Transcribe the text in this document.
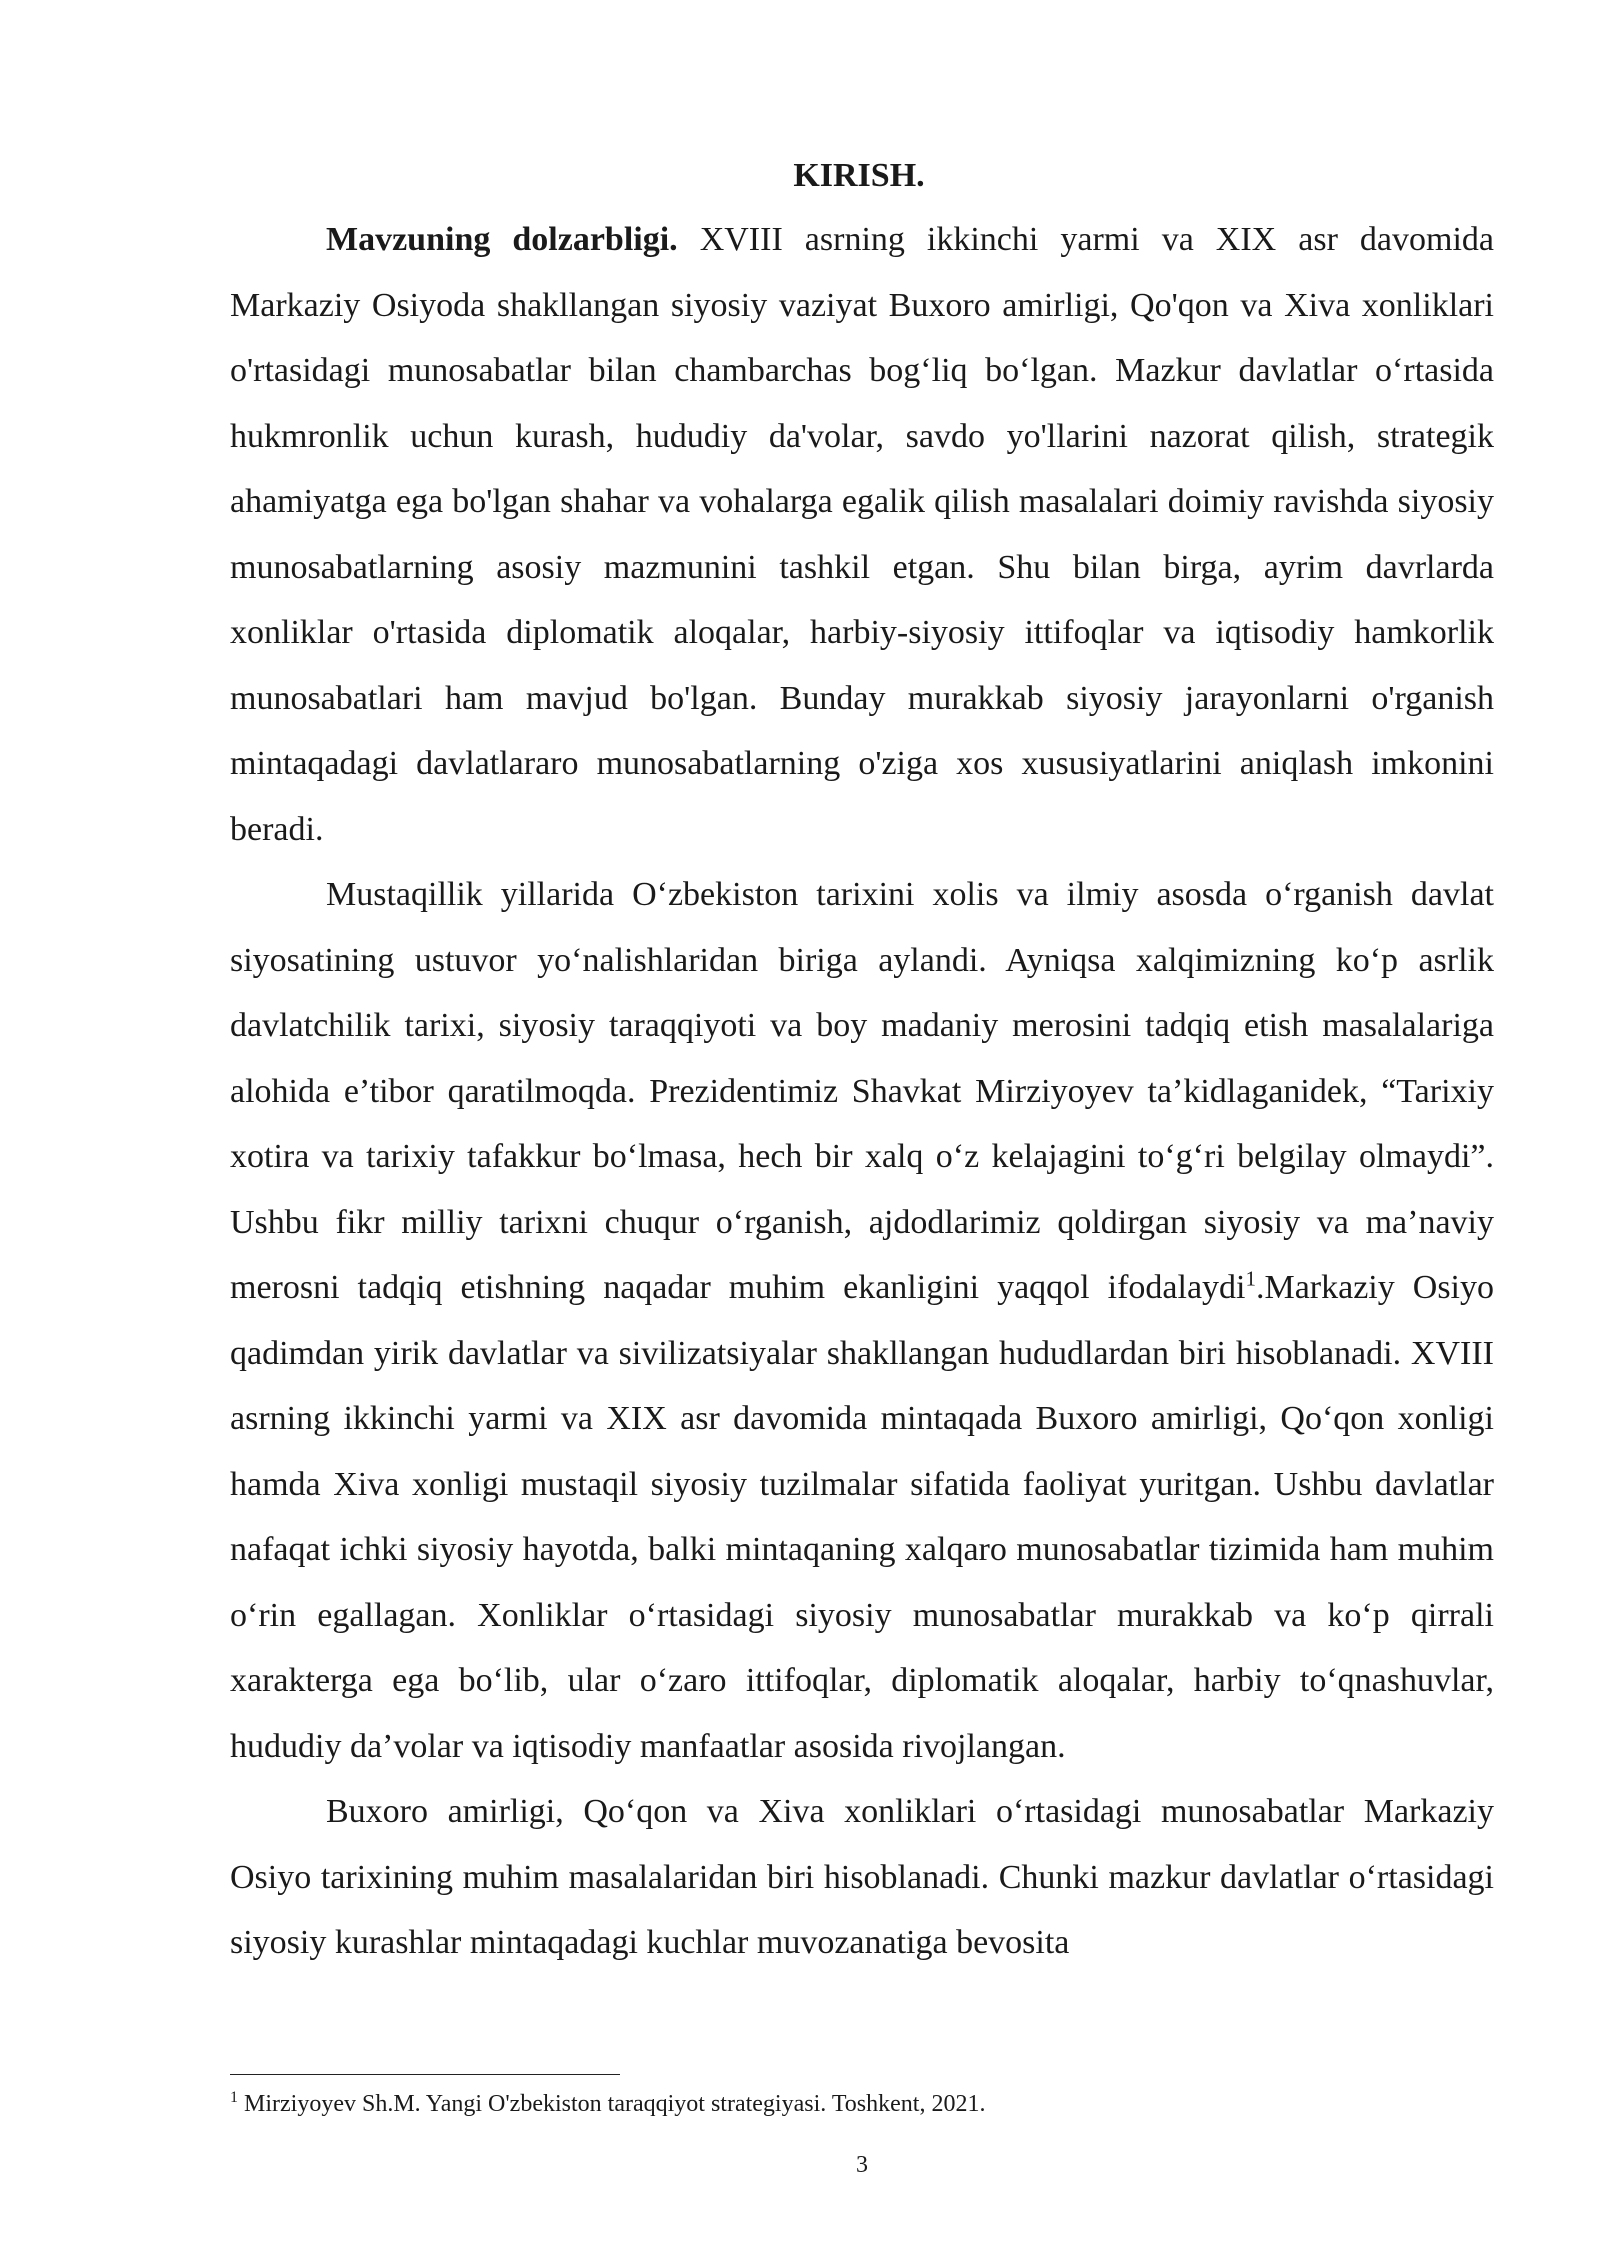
KIRISH.

Mavzuning dolzarbligi. XVIII asrning ikkinchi yarmi va XIX asr davomida Markaziy Osiyoda shakllangan siyosiy vaziyat Buxoro amirligi, Qo'qon va Xiva xonliklari o'rtasidagi munosabatlar bilan chambarchas bog‘liq bo‘lgan. Mazkur davlatlar o‘rtasida hukmronlik uchun kurash, hududiy da'volar, savdo yo'llarini nazorat qilish, strategik ahamiyatga ega bo'lgan shahar va vohalarga egalik qilish masalalari doimiy ravishda siyosiy munosabatlarning asosiy mazmunini tashkil etgan. Shu bilan birga, ayrim davrlarda xonliklar o'rtasida diplomatik aloqalar, harbiy-siyosiy ittifoqlar va iqtisodiy hamkorlik munosabatlari ham mavjud bo'lgan. Bunday murakkab siyosiy jarayonlarni o'rganish mintaqadagi davlatlararo munosabatlarning o'ziga xos xususiyatlarini aniqlash imkonini beradi.

Mustaqillik yillarida O‘zbekiston tarixini xolis va ilmiy asosda o‘rganish davlat siyosatining ustuvor yo‘nalishlaridan biriga aylandi. Ayniqsa xalqimizning ko‘p asrlik davlatchilik tarixi, siyosiy taraqqiyoti va boy madaniy merosini tadqiq etish masalalariga alohida e’tibor qaratilmoqda. Prezidentimiz Shavkat Mirziyoyev ta’kidlaganidek, “Tarixiy xotira va tarixiy tafakkur bo‘lmasa, hech bir xalq o‘z kelajagini to‘g‘ri belgilay olmaydi”. Ushbu fikr milliy tarixni chuqur o‘rganish, ajdodlarimiz qoldirgan siyosiy va ma’naviy merosni tadqiq etishning naqadar muhim ekanligini yaqqol ifodalaydi$^1$.Markaziy Osiyo qadimdan yirik davlatlar va sivilizatsiyalar shakllangan hududlardan biri hisoblanadi. XVIII asrning ikkinchi yarmi va XIX asr davomida mintaqada Buxoro amirligi, Qo‘qon xonligi hamda Xiva xonligi mustaqil siyosiy tuzilmalar sifatida faoliyat yuritgan. Ushbu davlatlar nafaqat ichki siyosiy hayotda, balki mintaqaning xalqaro munosabatlar tizimida ham muhim o‘rin egallagan. Xonliklar o‘rtasidagi siyosiy munosabatlar murakkab va ko‘p qirrali xarakterga ega bo‘lib, ular o‘zaro ittifoqlar, diplomatik aloqalar, harbiy to‘qnashuvlar, hududiy da’volar va iqtisodiy manfaatlar asosida rivojlangan.

Buxoro amirligi, Qo‘qon va Xiva xonliklari o‘rtasidagi munosabatlar Markaziy Osiyo tarixining muhim masalalaridan biri hisoblanadi. Chunki mazkur davlatlar o‘rtasidagi siyosiy kurashlar mintaqadagi kuchlar muvozanatiga bevosita

$^1$ Mirziyoyev Sh.M. Yangi O'zbekiston taraqqiyot strategiyasi. Toshkent, 2021.
3
